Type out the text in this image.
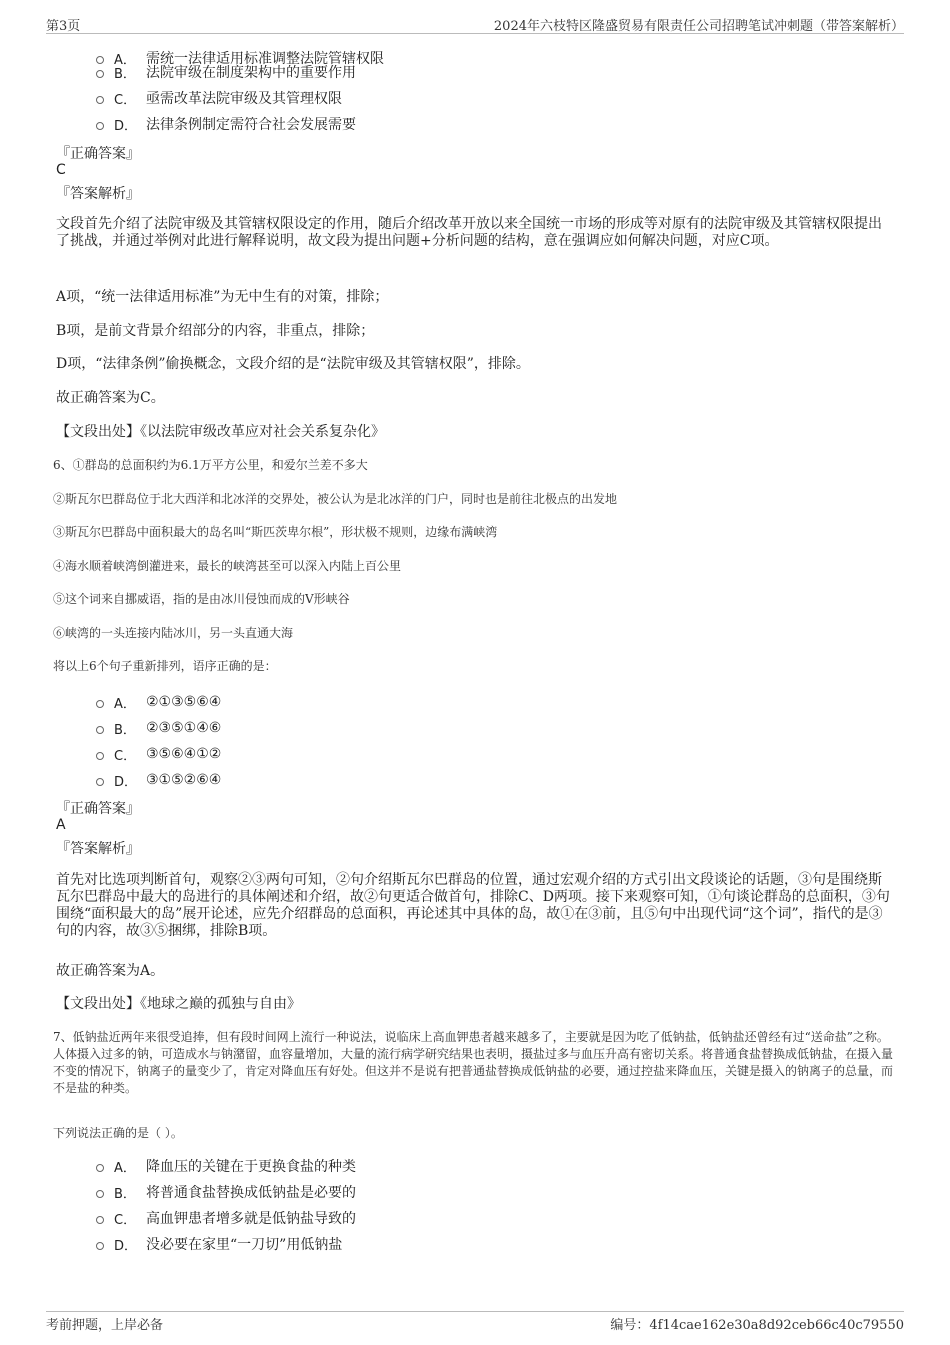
第3页	2024年六枝特区隆盛贸易有限责任公司招聘笔试冲刺题（带答案解析）
A． 需统一法律适用标准调整法院管辖权限
B． 法院审级在制度架构中的重要作用
C． 亟需改革法院审级及其管理权限
D． 法律条例制定需符合社会发展需要
『正确答案』
C
『答案解析』
文段首先介绍了法院审级及其管辖权限设定的作用，随后介绍改革开放以来全国统一市场的形成等对原有的法院审级及其管辖权限提出了挑战，并通过举例对此进行解释说明，故文段为提出问题+分析问题的结构，意在强调应如何解决问题，对应C项。
A项，“统一法律适用标准”为无中生有的对策，排除；
B项，是前文背景介绍部分的内容，非重点，排除；
D项，“法律条例”偷换概念，文段介绍的是“法院审级及其管辖权限”，排除。
故正确答案为C。
【文段出处】《以法院审级改革应对社会关系复杂化》
6、①群岛的总面积约为6.1万平方公里，和爱尔兰差不多大
②斯瓦尔巴群岛位于北大西洋和北冰洋的交界处，被公认为是北冰洋的门户，同时也是前往北极点的出发地
③斯瓦尔巴群岛中面积最大的岛名叫“斯匹茨卑尔根”，形状极不规则，边缘布满峡湾
④海水顺着峡湾倒灌进来，最长的峡湾甚至可以深入内陆上百公里
⑤这个词来自挪威语，指的是由冰川侵蚀而成的V形峡谷
⑥峡湾的一头连接内陆冰川，另一头直通大海
将以上6个句子重新排列，语序正确的是：
A． ②①③⑤⑥④
B． ②③⑤①④⑥
C． ③⑤⑥④①②
D． ③①⑤②⑥④
『正确答案』
A
『答案解析』
首先对比选项判断首句，观察②③两句可知，②句介绍斯瓦尔巴群岛的位置，通过宏观介绍的方式引出文段谈论的话题，③句是围绕斯瓦尔巴群岛中最大的岛进行的具体阐述和介绍，故②句更适合做首句，排除C、D两项。接下来观察可知，①句谈论群岛的总面积，③句围绕“面积最大的岛”展开论述，应先介绍群岛的总面积，再论述其中具体的岛，故①在③前，且⑤句中出现代词“这个词”，指代的是③句的内容，故③⑤捆绑，排除B项。
故正确答案为A。
【文段出处】《地球之巅的孤独与自由》
7、低钠盐近两年来很受追捧，但有段时间网上流行一种说法，说临床上高血钾患者越来越多了，主要就是因为吃了低钠盐，低钠盐还曾经有过“送命盐”之称。人体摄入过多的钠，可造成水与钠潴留，血容量增加，大量的流行病学研究结果也表明，摄盐过多与血压升高有密切关系。将普通食盐替换成低钠盐，在摄入量不变的情况下，钠离子的量变少了，肯定对降血压有好处。但这并不是说有把普通盐替换成低钠盐的必要，通过控盐来降血压，关键是摄入的钠离子的总量，而不是盐的种类。
下列说法正确的是（ ）。
A． 降血压的关键在于更换食盐的种类
B． 将普通食盐替换成低钠盐是必要的
C． 高血钾患者增多就是低钠盐导致的
D． 没必要在家里“一刀切”用低钠盐
考前押题，上岸必备	编号：4f14cae162e30a8d92ceb66c40c79550
